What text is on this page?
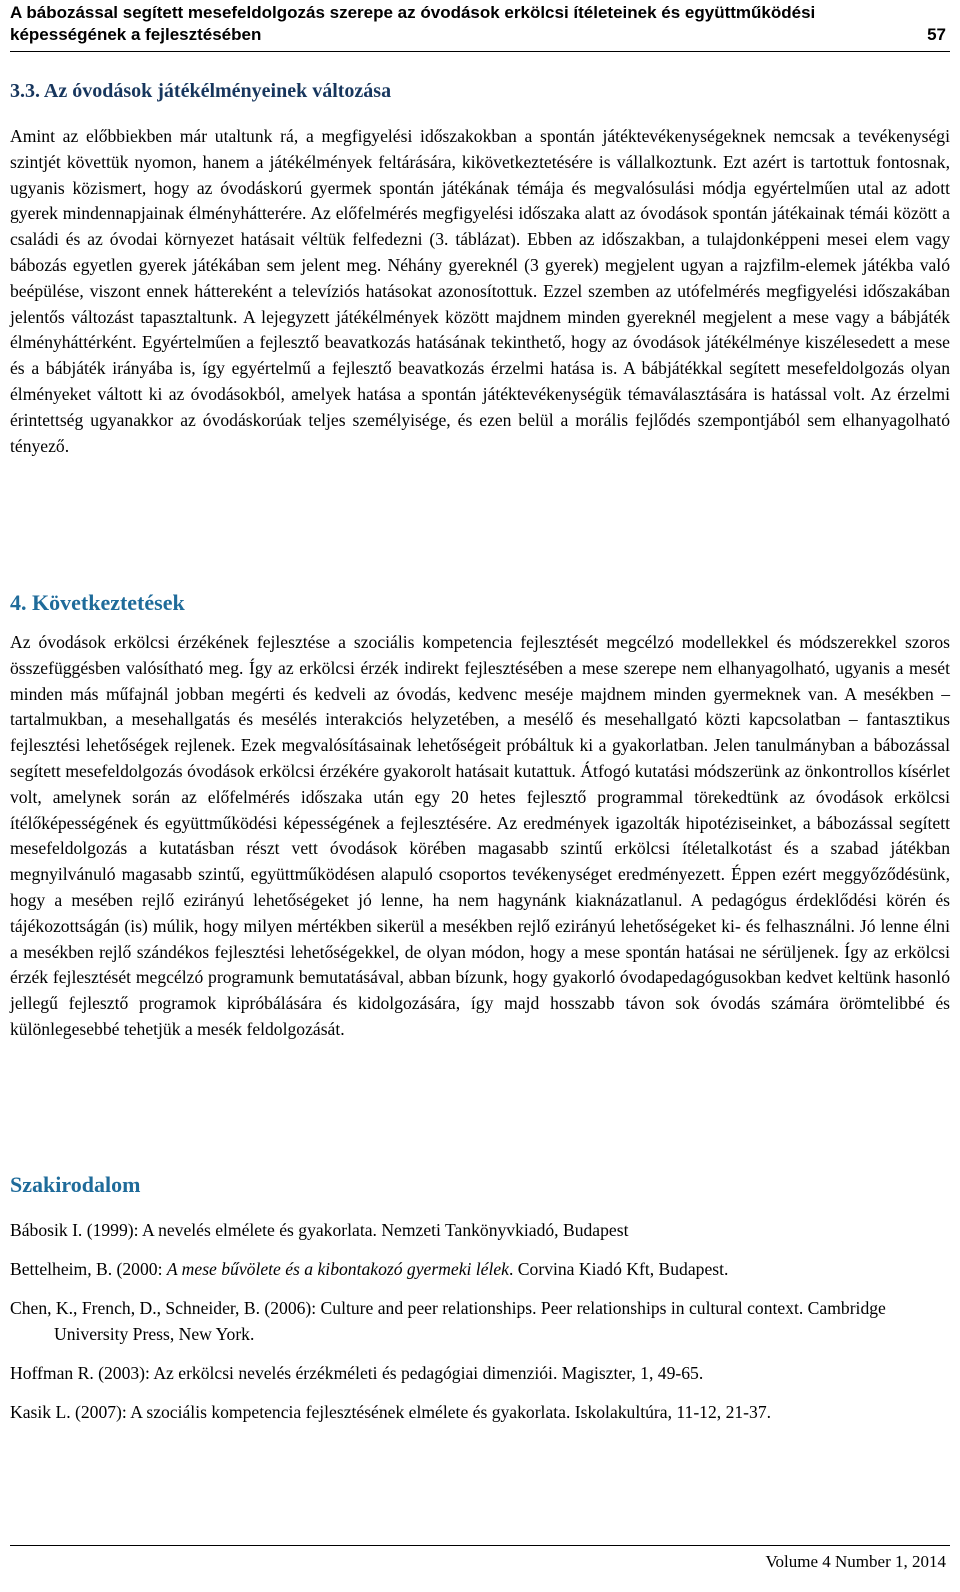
A bábozással segített mesefeldolgozás szerepe az óvodások erkölcsi ítéleteinek és együttműködési képességének a fejlesztésében	57
3.3. Az óvodások játékélményeinek változása

Amint az előbbiekben már utaltunk rá, a megfigyelési időszakokban a spontán játéktevékenységeknek nemcsak a tevékenységi szintjét követtük nyomon, hanem a játékélmények feltárására, kikövetkeztetésére is vállalkoztunk. Ezt azért is tartottuk fontosnak, ugyanis közismert, hogy az óvodáskorú gyermek spontán játékának témája és megvalósulási módja egyértelműen utal az adott gyerek mindennapjainak élményhátterére. Az előfelmérés megfigyelési időszaka alatt az óvodások spontán játékainak témái között a családi és az óvodai környezet hatásait véltük felfedezni (3. táblázat). Ebben az időszakban, a tulajdonképpeni mesei elem vagy bábozás egyetlen gyerek játékában sem jelent meg. Néhány gyereknél (3 gyerek) megjelent ugyan a rajzfilm-elemek játékba való beépülése, viszont ennek háttereként a televíziós hatásokat azonosítottuk. Ezzel szemben az utófelmérés megfigyelési időszakában jelentős változást tapasztaltunk. A lejegyzett játékélmények között majdnem minden gyereknél megjelent a mese vagy a bábjáték élményháttérként. Egyértelműen a fejlesztő beavatkozás hatásának tekinthető, hogy az óvodások játékélménye kiszélesedett a mese és a bábjáték irányába is, így egyértelmű a fejlesztő beavatkozás érzelmi hatása is. A bábjátékkal segített mesefeldolgozás olyan élményeket váltott ki az óvodásokból, amelyek hatása a spontán játéktevékenységük témaválasztására is hatással volt. Az érzelmi érintettség ugyanakkor az óvodáskorúak teljes személyisége, és ezen belül a morális fejlődés szempontjából sem elhanyagolható tényező.

4. Következtetések

Az óvodások erkölcsi érzékének fejlesztése a szociális kompetencia fejlesztését megcélzó modellekkel és módszerekkel szoros összefüggésben valósítható meg. Így az erkölcsi érzék indirekt fejlesztésében a mese szerepe nem elhanyagolható, ugyanis a mesét minden más műfajnál jobban megérti és kedveli az óvodás, kedvenc meséje majdnem minden gyermeknek van. A mesékben – tartalmukban, a mesehallgatás és mesélés interakciós helyzetében, a mesélő és mesehallgató közti kapcsolatban – fantasztikus fejlesztési lehetőségek rejlenek. Ezek megvalósításainak lehetőségeit próbáltuk ki a gyakorlatban. Jelen tanulmányban a bábozással segített mesefeldolgozás óvodások erkölcsi érzékére gyakorolt hatásait kutattuk. Átfogó kutatási módszerünk az önkontrollos kísérlet volt, amelynek során az előfelmérés időszaka után egy 20 hetes fejlesztő programmal törekedtünk az óvodások erkölcsi ítélőképességének és együttműködési képességének a fejlesztésére. Az eredmények igazolták hipotéziseinket, a bábozással segített mesefeldolgozás a kutatásban részt vett óvodások körében magasabb szintű erkölcsi ítéletalkotást és a szabad játékban megnyilvánuló magasabb szintű, együttműködésen alapuló csoportos tevékenységet eredményezett. Éppen ezért meggyőződésünk, hogy a mesében rejlő ezirányú lehetőségeket jó lenne, ha nem hagynánk kiaknázatlanul. A pedagógus érdeklődési körén és tájékozottságán (is) múlik, hogy milyen mértékben sikerül a mesékben rejlő ezirányú lehetőségeket ki- és felhasználni. Jó lenne élni a mesékben rejlő szándékos fejlesztési lehetőségekkel, de olyan módon, hogy a mese spontán hatásai ne sérüljenek. Így az erkölcsi érzék fejlesztését megcélzó programunk bemutatásával, abban bízunk, hogy gyakorló óvodapedagógusokban kedvet keltünk hasonló jellegű fejlesztő programok kipróbálására és kidolgozására, így majd hosszabb távon sok óvodás számára örömtelibbé és különlegesebbé tehetjük a mesék feldolgozását.

Szakirodalom
Bábosik I. (1999): A nevelés elmélete és gyakorlata. Nemzeti Tankönyvkiadó, Budapest
Bettelheim, B. (2000: A mese bűvölete és a kibontakozó gyermeki lélek. Corvina Kiadó Kft, Budapest.
Chen, K., French, D., Schneider, B. (2006): Culture and peer relationships. Peer relationships in cultural context. Cambridge University Press, New York.
Hoffman R. (2003): Az erkölcsi nevelés érzékméleti és pedagógiai dimenziói. Magiszter, 1, 49-65.
Kasik L. (2007): A szociális kompetencia fejlesztésének elmélete és gyakorlata. Iskolakultúra, 11-12, 21-37.
Volume 4 Number 1, 2014
